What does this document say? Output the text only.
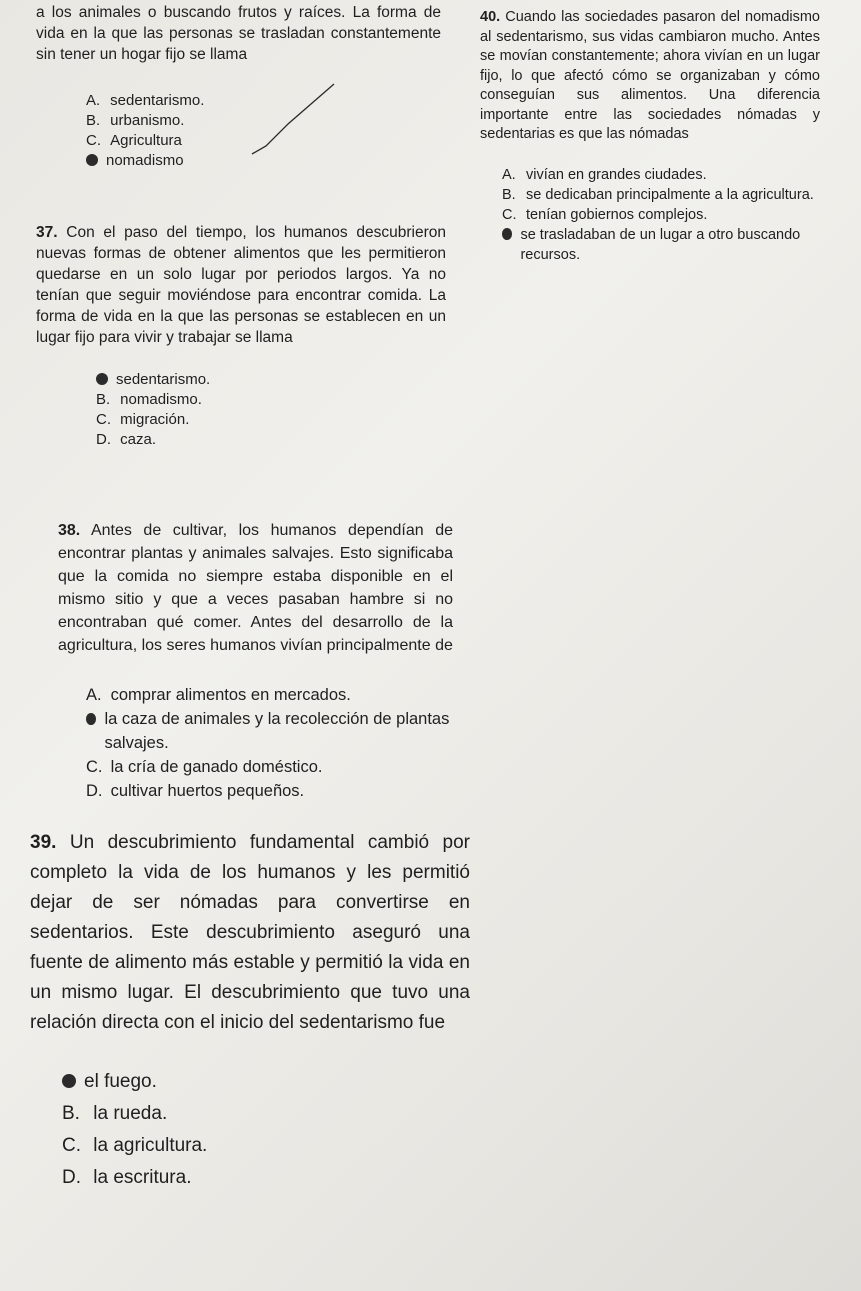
a los animales o buscando frutos y raíces. La forma de vida en la que las personas se trasladan constantemente sin tener un hogar fijo se llama

A.
sedentarismo.
B.
urbanismo.
C.
Agricultura
nomadismo

40. Cuando las sociedades pasaron del nomadismo al sedentarismo, sus vidas cambiaron mucho. Antes se movían constantemente; ahora vivían en un lugar fijo, lo que afectó cómo se organizaban y cómo conseguían sus alimentos. Una diferencia importante entre las sociedades nómadas y sedentarias es que las nómadas

A.
vivían en grandes ciudades.
B.
se dedicaban principalmente a la agricultura.
C.
tenían gobiernos complejos.
se trasladaban de un lugar a otro buscando recursos.

37. Con el paso del tiempo, los humanos descubrieron nuevas formas de obtener alimentos que les permitieron quedarse en un solo lugar por periodos largos. Ya no tenían que seguir moviéndose para encontrar comida. La forma de vida en la que las personas se establecen en un lugar fijo para vivir y trabajar se llama

sedentarismo.
B.
nomadismo.
C.
migración.
D.
caza.

38. Antes de cultivar, los humanos dependían de encontrar plantas y animales salvajes. Esto significaba que la comida no siempre estaba disponible en el mismo sitio y que a veces pasaban hambre si no encontraban qué comer. Antes del desarrollo de la agricultura, los seres humanos vivían principalmente de

A.
comprar alimentos en mercados.
la caza de animales y la recolección de plantas salvajes.
C.
la cría de ganado doméstico.
D.
cultivar huertos pequeños.

39. Un descubrimiento fundamental cambió por completo la vida de los humanos y les permitió dejar de ser nómadas para convertirse en sedentarios. Este descubrimiento aseguró una fuente de alimento más estable y permitió la vida en un mismo lugar. El descubrimiento que tuvo una relación directa con el inicio del sedentarismo fue

el fuego.
B.
la rueda.
C.
la agricultura.
D.
la escritura.
